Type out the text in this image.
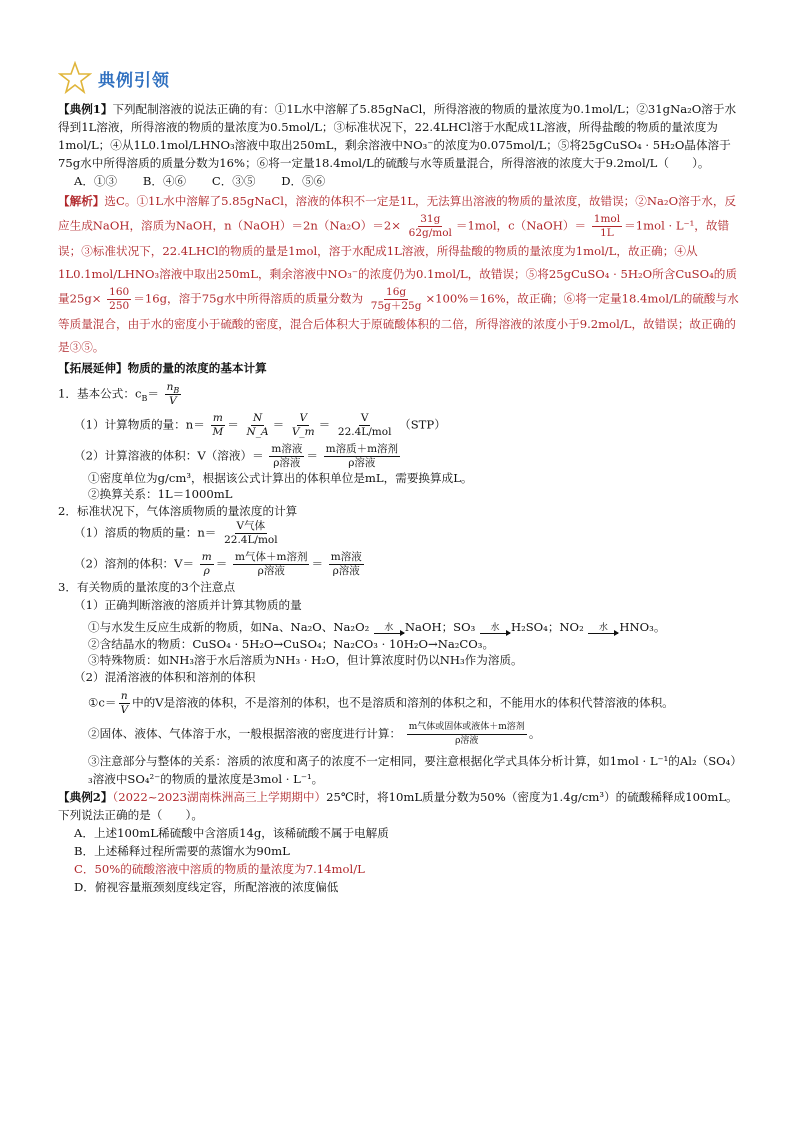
典例引领

【典例1】下列配制溶液的说法正确的有：①1L水中溶解了5.85gNaCl，所得溶液的物质的量浓度为0.1mol/L；②31gNa₂O溶于水得到1L溶液，所得溶液的物质的量浓度为0.5mol/L；③标准状况下，22.4LHCl溶于水配成1L溶液，所得盐酸的物质的量浓度为1mol/L；④从1L0.1mol/LHNO₃溶液中取出250mL，剩余溶液中NO₃⁻的浓度为0.075mol/L；⑤将25gCuSO₄ · 5H₂O晶体溶于75g水中所得溶质的质量分数为16%；⑥将一定量18.4mol/L的硫酸与水等质量混合，所得溶液的浓度大于9.2mol/L（　　）。

A．①③ B．④⑥ C．③⑤ D．⑤⑥

【解析】选C。①1L水中溶解了5.85gNaCl，溶液的体积不一定是1L，无法算出溶液的物质的量浓度，故错误；②Na₂O溶于水，反应生成NaOH，溶质为NaOH，n（NaOH）＝2n（Na₂O）＝2× $\frac{31g}{\text{62g/mol}} =1mol$，c（NaOH）＝ $\frac{\text{1mol}}{1L} =1mol \cdot L^{-1}$，故错误；③标准状况下，22.4LHCl的物质的量是1mol，溶于水配成1L溶液，所得盐酸的物质的量浓度为1mol/L，故正确；④从1L0.1mol/LHNO₃溶液中取出250mL，剩余溶液中NO₃⁻的浓度仍为0.1mol/L，故错误；⑤将25gCuSO₄ · 5H₂O所含CuSO₄的质量$25g\times \frac{160}{250} =16g$，溶于75g水中所得溶质的质量分数为 $\frac{16g}{75g+25g} \times 100\%=16\%$，故正确；⑥将一定量18.4mol/L的硫酸与水等质量混合，由于水的密度小于硫酸的密度，混合后体积大于原硫酸体积的二倍，所得溶液的浓度小于9.2mol/L，故错误；故正确的是③⑤。

【拓展延伸】物质的量的浓度的基本计算

1．基本公式：$c_B= \frac{n_B}{V}$

（1）计算物质的量：$n= \frac{m}{M} = \frac{N}{N\_A} = \frac{V}{V\_m} = \frac{V}{\text{22.4L/mol}} (STP)$

（2）计算溶液的体积：V（溶液）＝ $\frac{\text{m溶液}}{\text{ρ溶液}} = \frac{\text{m溶质＋m溶剂}}{\text{ρ溶液}}$

①密度单位为g/cm³，根据该公式计算出的体积单位是mL，需要换算成L。

②换算关系：1L＝1000mL

2．标准状况下，气体溶质物质的量浓度的计算

（1）溶质的物质的量：$n= \frac{\text{V气体}}{\text{22.4L/mol}}$

（2）溶剂的体积：$V= \frac{m}{\rho} = \frac{\text{m气体＋m溶剂}}{\text{ρ溶液}} = \frac{\text{m溶液}}{\text{ρ溶液}}$

3．有关物质的量浓度的3个注意点

（1）正确判断溶液的溶质并计算其物质的量

①与水发生反应生成新的物质，如Na、Na₂O、Na₂O₂ 水 NaOH；SO₃ 水 H₂SO₄；NO₂ 水 HNO₃。

②含结晶水的物质：CuSO₄ · 5H₂O→CuSO₄；Na₂CO₃ · 10H₂O→Na₂CO₃。

③特殊物质：如NH₃溶于水后溶质为NH₃ · H₂O，但计算浓度时仍以NH₃作为溶质。

（2）混淆溶液的体积和溶剂的体积

①c＝ $\frac{n}{V}$ 中的V是溶液的体积，不是溶剂的体积，也不是溶质和溶剂的体积之和，不能用水的体积代替溶液的体积。

②固体、液体、气体溶于水，一般根据溶液的密度进行计算： $\frac{\text{m气体或固体或液体＋m溶剂}}{\text{ρ溶液}}$ 。

③注意部分与整体的关系：溶质的浓度和离子的浓度不一定相同，要注意根据化学式具体分析计算，如1mol · L⁻¹的Al₂（SO₄）₃溶液中SO₄²⁻的物质的量浓度是3mol · L⁻¹。

【典例2】（2022~2023湖南株洲高三上学期期中）25℃时，将10mL质量分数为50%（密度为1.4g/cm³）的硫酸稀释成100mL。下列说法正确的是（　　）。

A．上述100mL稀硫酸中含溶质14g，该稀硫酸不属于电解质

B．上述稀释过程所需要的蒸馏水为90mL

C．50%的硫酸溶液中溶质的物质的量浓度为7.14mol/L

D．俯视容量瓶颈刻度线定容，所配溶液的浓度偏低
